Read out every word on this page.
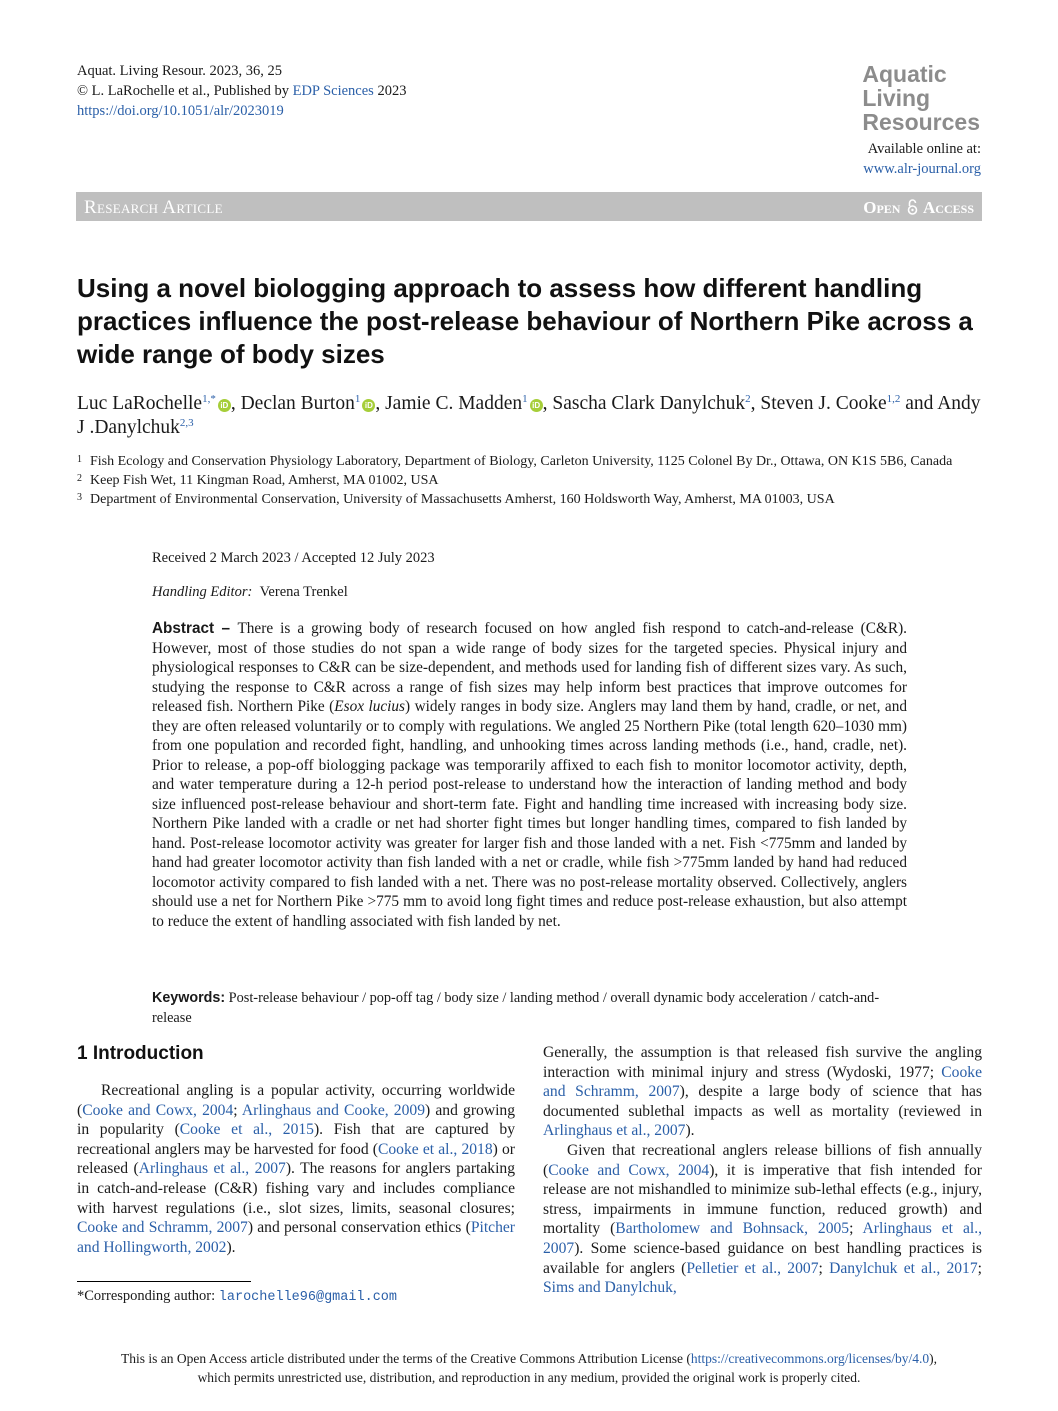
Aquat. Living Resour. 2023, 36, 25
© L. LaRochelle et al., Published by EDP Sciences 2023
https://doi.org/10.1051/alr/2023019
Aquatic
Living
Resources
Available online at:
www.alr-journal.org
Research Article	Open Access
Using a novel biologging approach to assess how different handling practices influence the post-release behaviour of Northern Pike across a wide range of body sizes
Luc LaRochelle$^{1,*}$iD , Declan Burton$^1$iD , Jamie C. Madden$^1$iD , Sascha Clark Danylchuk$^2$, Steven J. Cooke$^{1,2}$ and Andy J .Danylchuk$^{2,3}$
1 Fish Ecology and Conservation Physiology Laboratory, Department of Biology, Carleton University, 1125 Colonel By Dr., Ottawa, ON K1S 5B6, Canada
2 Keep Fish Wet, 11 Kingman Road, Amherst, MA 01002, USA
3 Department of Environmental Conservation, University of Massachusetts Amherst, 160 Holdsworth Way, Amherst, MA 01003, USA
Received 2 March 2023 / Accepted 12 July 2023
Handling Editor: Verena Trenkel

Abstract – There is a growing body of research focused on how angled fish respond to catch-and-release (C&R). However, most of those studies do not span a wide range of body sizes for the targeted species. Physical injury and physiological responses to C&R can be size-dependent, and methods used for landing fish of different sizes vary. As such, studying the response to C&R across a range of fish sizes may help inform best practices that improve outcomes for released fish. Northern Pike (Esox lucius) widely ranges in body size. Anglers may land them by hand, cradle, or net, and they are often released voluntarily or to comply with regulations. We angled 25 Northern Pike (total length 620–1030 mm) from one population and recorded fight, handling, and unhooking times across landing methods (i.e., hand, cradle, net). Prior to release, a pop-off biologging package was temporarily affixed to each fish to monitor locomotor activity, depth, and water temperature during a 12-h period post-release to understand how the interaction of landing method and body size influenced post-release behaviour and short-term fate. Fight and handling time increased with increasing body size. Northern Pike landed with a cradle or net had shorter fight times but longer handling times, compared to fish landed by hand. Post-release locomotor activity was greater for larger fish and those landed with a net. Fish <775mm and landed by hand had greater locomotor activity than fish landed with a net or cradle, while fish >775mm landed by hand had reduced locomotor activity compared to fish landed with a net. There was no post-release mortality observed. Collectively, anglers should use a net for Northern Pike >775 mm to avoid long fight times and reduce post-release exhaustion, but also attempt to reduce the extent of handling associated with fish landed by net.

Keywords: Post-release behaviour / pop-off tag / body size / landing method / overall dynamic body acceleration / catch-and-release
1 Introduction

Recreational angling is a popular activity, occurring worldwide (Cooke and Cowx, 2004; Arlinghaus and Cooke, 2009) and growing in popularity (Cooke et al., 2015). Fish that are captured by recreational anglers may be harvested for food (Cooke et al., 2018) or released (Arlinghaus et al., 2007). The reasons for anglers partaking in catch-and-release (C&R) fishing vary and includes compliance with harvest regulations (i.e., slot sizes, limits, seasonal closures; Cooke and Schramm, 2007) and personal conservation ethics (Pitcher and Hollingworth, 2002).

Generally, the assumption is that released fish survive the angling interaction with minimal injury and stress (Wydoski, 1977; Cooke and Schramm, 2007), despite a large body of science that has documented sublethal impacts as well as mortality (reviewed in Arlinghaus et al., 2007).

Given that recreational anglers release billions of fish annually (Cooke and Cowx, 2004), it is imperative that fish intended for release are not mishandled to minimize sub-lethal effects (e.g., injury, stress, impairments in immune function, reduced growth) and mortality (Bartholomew and Bohnsack, 2005; Arlinghaus et al., 2007). Some science-based guidance on best handling practices is available for anglers (Pelletier et al., 2007; Danylchuk et al., 2017; Sims and Danylchuk,

*Corresponding author: larochelle96@gmail.com
This is an Open Access article distributed under the terms of the Creative Commons Attribution License (https://creativecommons.org/licenses/by/4.0),
which permits unrestricted use, distribution, and reproduction in any medium, provided the original work is properly cited.
